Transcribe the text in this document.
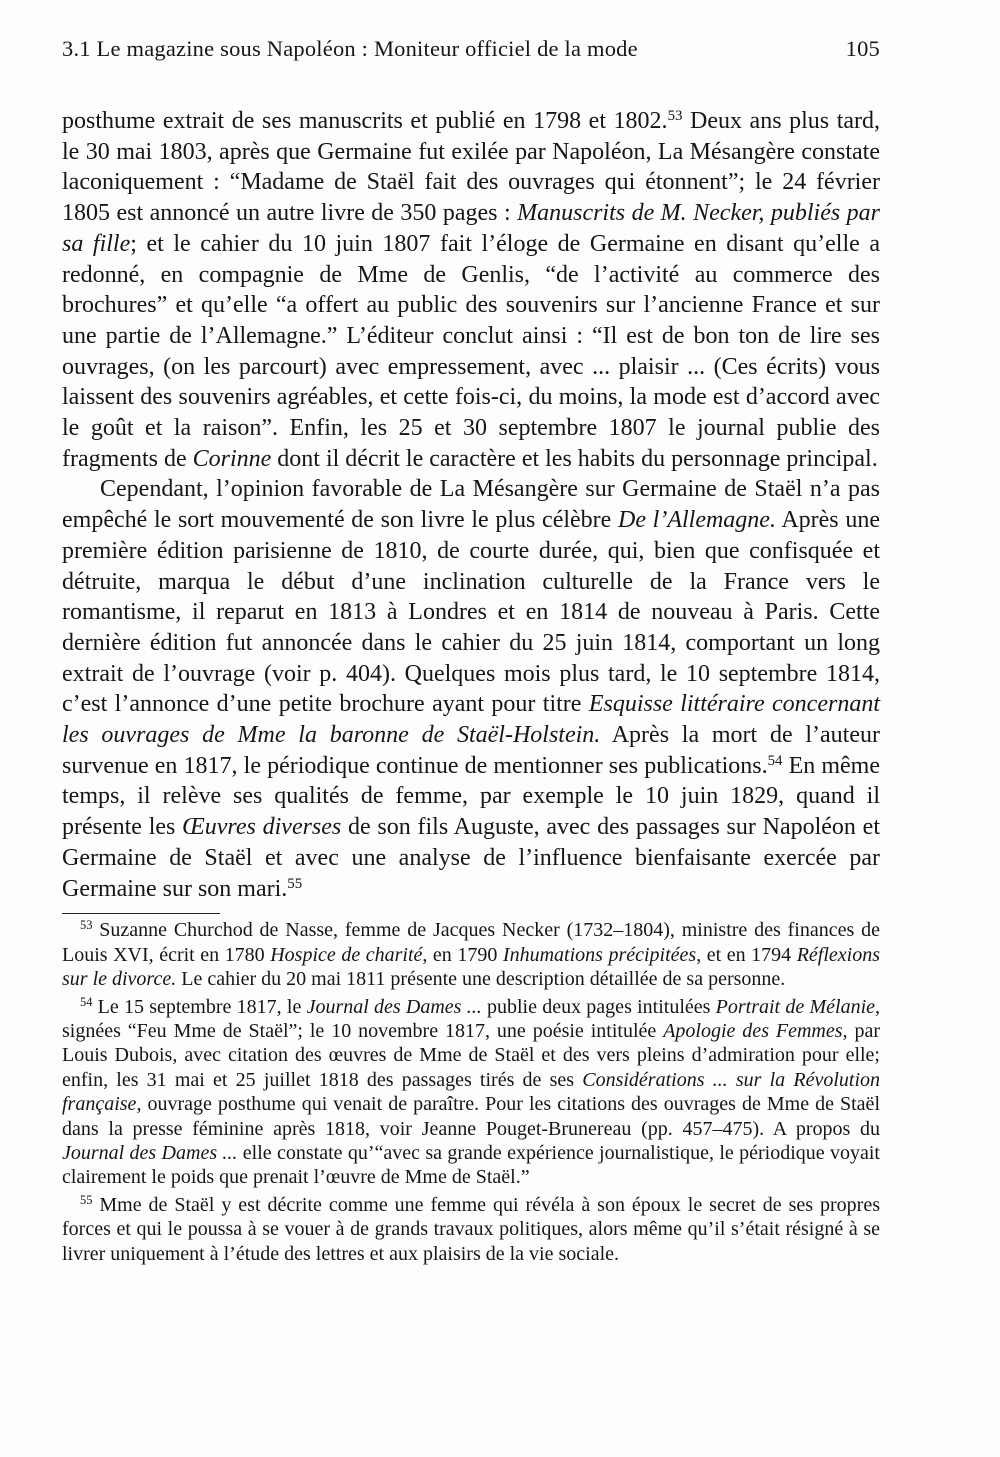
3.1 Le magazine sous Napoléon : Moniteur officiel de la mode	105

posthume extrait de ses manuscrits et publié en 1798 et 1802.53 Deux ans plus tard, le 30 mai 1803, après que Germaine fut exilée par Napoléon, La Mésangère constate laconiquement : “Madame de Staël fait des ouvrages qui étonnent”; le 24 février 1805 est annoncé un autre livre de 350 pages : Manuscrits de M. Necker, publiés par sa fille; et le cahier du 10 juin 1807 fait l’éloge de Germaine en disant qu’elle a redonné, en compagnie de Mme de Genlis, “de l’activité au commerce des brochures” et qu’elle “a offert au public des souvenirs sur l’ancienne France et sur une partie de l’Allemagne.” L’éditeur conclut ainsi : “Il est de bon ton de lire ses ouvrages, (on les parcourt) avec empressement, avec ... plaisir ... (Ces écrits) vous laissent des souvenirs agréables, et cette fois-ci, du moins, la mode est d’accord avec le goût et la raison”. Enfin, les 25 et 30 septembre 1807 le journal publie des fragments de Corinne dont il décrit le caractère et les habits du personnage principal.

Cependant, l’opinion favorable de La Mésangère sur Germaine de Staël n’a pas empêché le sort mouvementé de son livre le plus célèbre De l’Allemagne. Après une première édition parisienne de 1810, de courte durée, qui, bien que confisquée et détruite, marqua le début d’une inclination culturelle de la France vers le romantisme, il reparut en 1813 à Londres et en 1814 de nouveau à Paris. Cette dernière édition fut annoncée dans le cahier du 25 juin 1814, comportant un long extrait de l’ouvrage (voir p. 404). Quelques mois plus tard, le 10 septembre 1814, c’est l’annonce d’une petite brochure ayant pour titre Esquisse littéraire concernant les ouvrages de Mme la baronne de Staël-Holstein. Après la mort de l’auteur survenue en 1817, le périodique continue de mentionner ses publications.$^{54}$ En même temps, il relève ses qualités de femme, par exemple le 10 juin 1829, quand il présente les Œuvres diverses de son fils Auguste, avec des passages sur Napoléon et Germaine de Staël et avec une analyse de l’influence bienfaisante exercée par Germaine sur son mari.$^{55}$

$^{53}$ Suzanne Churchod de Nasse, femme de Jacques Necker (1732–1804), ministre des finances de Louis XVI, écrit en 1780 Hospice de charité, en 1790 Inhumations précipitées, et en 1794 Réflexions sur le divorce. Le cahier du 20 mai 1811 présente une description détaillée de sa personne.

$^{54}$ Le 15 septembre 1817, le Journal des Dames ... publie deux pages intitulées Portrait de Mélanie, signées “Feu Mme de Staël”; le 10 novembre 1817, une poésie intitulée Apologie des Femmes, par Louis Dubois, avec citation des œuvres de Mme de Staël et des vers pleins d’admiration pour elle; enfin, les 31 mai et 25 juillet 1818 des passages tirés de ses Considérations ... sur la Révolution française, ouvrage posthume qui venait de paraître. Pour les citations des ouvrages de Mme de Staël dans la presse féminine après 1818, voir Jeanne Pouget-Brunereau (pp. 457–475). A propos du Journal des Dames ... elle constate qu’“avec sa grande expérience journalistique, le périodique voyait clairement le poids que prenait l’œuvre de Mme de Staël.”

$^{55}$ Mme de Staël y est décrite comme une femme qui révéla à son époux le secret de ses propres forces et qui le poussa à se vouer à de grands travaux politiques, alors même qu’il s’était résigné à se livrer uniquement à l’étude des lettres et aux plaisirs de la vie sociale.
